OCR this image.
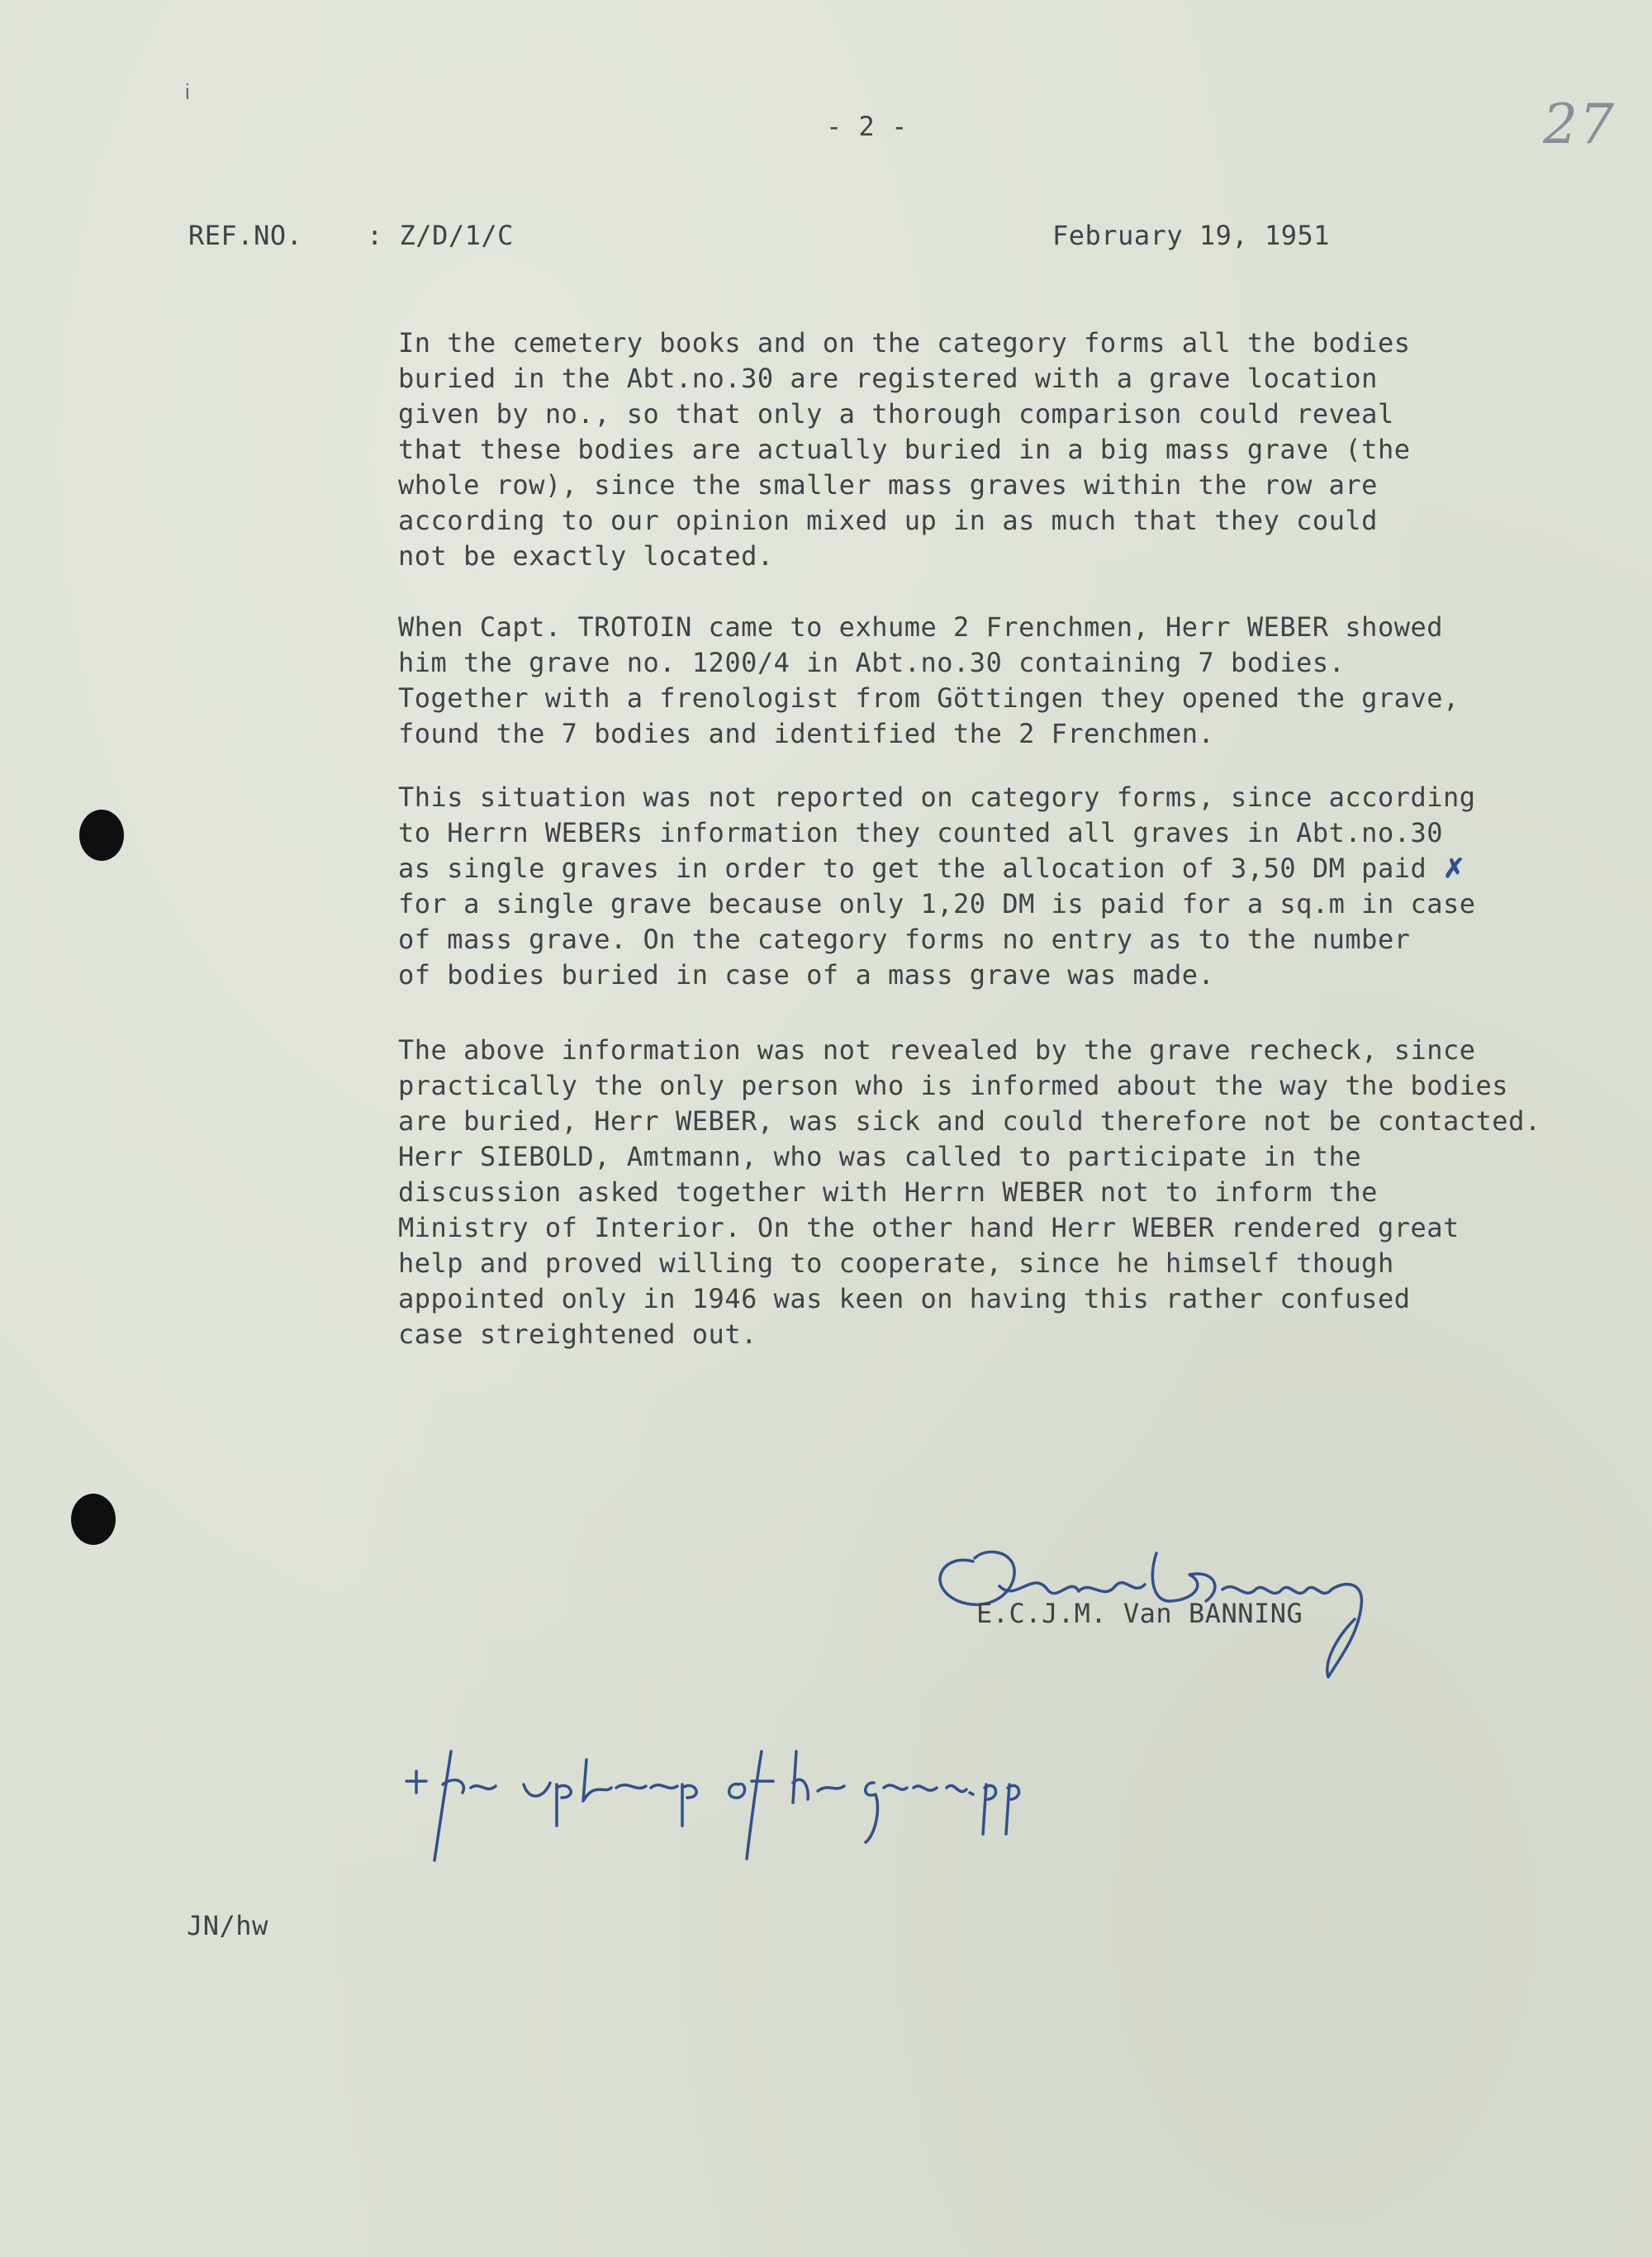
i
- 2 -	27
REF.NO. : Z/D/1/C	February 19, 1951
In the cemetery books and on the category forms all the bodies
buried in the Abt.no.30 are registered with a grave location
given by no., so that only a thorough comparison could reveal
that these bodies are actually buried in a big mass grave (the
whole row), since the smaller mass graves within the row are
according to our opinion mixed up in as much that they could
not be exactly located.
When Capt. TROTOIN came to exhume 2 Frenchmen, Herr WEBER showed
him the grave no. 1200/4 in Abt.no.30 containing 7 bodies.
Together with a frenologist from Göttingen they opened the grave,
found the 7 bodies and identified the 2 Frenchmen.
This situation was not reported on category forms, since according
to Herrn WEBERs information they counted all graves in Abt.no.30
as single graves in order to get the allocation of 3,50 DM paid ✗
for a single grave because only 1,20 DM is paid for a sq.m in case
of mass grave. On the category forms no entry as to the number
of bodies buried in case of a mass grave was made.
The above information was not revealed by the grave recheck, since
practically the only person who is informed about the way the bodies
are buried, Herr WEBER, was sick and could therefore not be contacted.
Herr SIEBOLD, Amtmann, who was called to participate in the
discussion asked together with Herrn WEBER not to inform the
Ministry of Interior. On the other hand Herr WEBER rendered great
help and proved willing to cooperate, since he himself though
appointed only in 1946 was keen on having this rather confused
case streightened out.
E.C.J.M. Van BANNING
JN/hw
